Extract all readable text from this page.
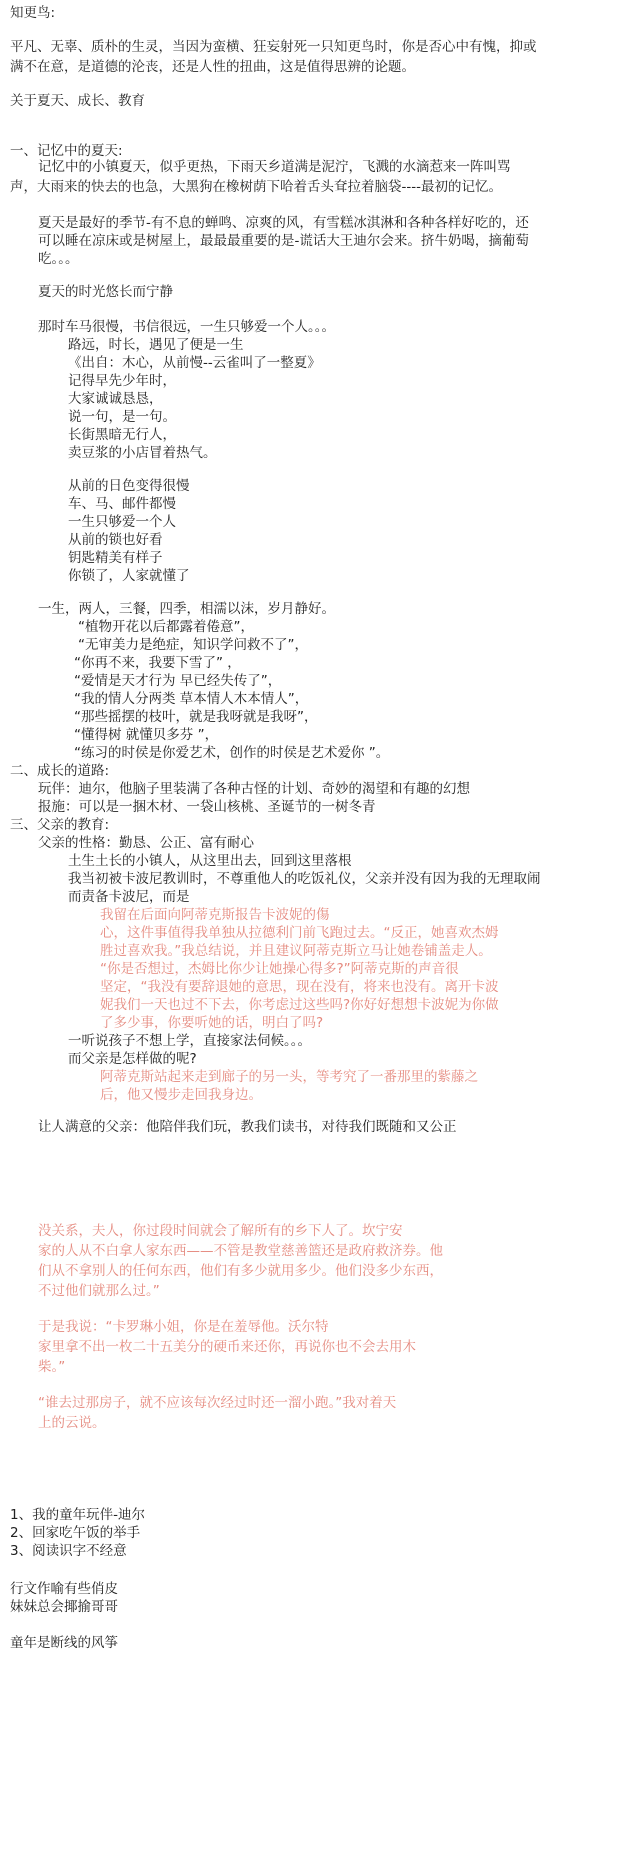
知更鸟:
平凡、无辜、质朴的生灵，当因为蛮横、狂妄射死一只知更鸟时，你是否心中有愧，抑或
满不在意，是道德的沦丧，还是人性的扭曲，这是值得思辨的论题。
关于夏天、成长、教育
一、记忆中的夏天:
记忆中的小镇夏天，似乎更热，下雨天乡道满是泥泞，飞溅的水滴惹来一阵叫骂
声，大雨来的快去的也急，大黑狗在橡树荫下哈着舌头耷拉着脑袋----最初的记忆。
夏天是最好的季节-有不息的蝉鸣、凉爽的风，有雪糕冰淇淋和各种各样好吃的，还
可以睡在凉床或是树屋上，最最最重要的是-谎话大王迪尔会来。挤牛奶喝，摘葡萄
吃。。。
夏天的时光悠长而宁静
那时车马很慢，书信很远，一生只够爱一个人。。。
路远，时长，遇见了便是一生
《出自：木心，从前慢--云雀叫了一整夏》
记得早先少年时，
大家诚诚恳恳，
说一句，是一句。
长街黑暗无行人，
卖豆浆的小店冒着热气。
从前的日色变得很慢
车、马、邮件都慢
一生只够爱一个人
从前的锁也好看
钥匙精美有样子
你锁了，人家就懂了
一生，两人，三餐，四季，相濡以沫，岁月静好。
“植物开花以后都露着倦意”，
“无审美力是绝症，知识学问救不了”，
“你再不来，我要下雪了” ，
“爱情是天才行为 早已经失传了”，
“我的情人分两类 草本情人木本情人”，
“那些摇摆的枝叶，就是我呀就是我呀”，
“懂得树 就懂贝多芬 ”，
“练习的时侯是你爱艺术，创作的时侯是艺术爱你 ”。
二、成长的道路:
玩伴：迪尔，他脑子里装满了各种古怪的计划、奇妙的渴望和有趣的幻想
报施：可以是一捆木材、一袋山核桃、圣诞节的一树冬青
三、父亲的教育:
父亲的性格：勤恳、公正、富有耐心
土生土长的小镇人，从这里出去，回到这里落根
我当初被卡波尼教训时，不尊重他人的吃饭礼仪，父亲并没有因为我的无理取闹
而责备卡波尼，而是
我留在后面向阿蒂克斯报告卡波妮的傷
心，这件事值得我单独从拉德利门前飞跑过去。“反正，她喜欢杰姆
胜过喜欢我。”我总结说，并且建议阿蒂克斯立马让她卷铺盖走人。
“你是否想过，杰姆比你少让她操心得多?”阿蒂克斯的声音很
坚定，“我没有要辞退她的意思，现在没有，将来也没有。离开卡波
妮我们一天也过不下去，你考虑过这些吗?你好好想想卡波妮为你做
了多少事，你要听她的话，明白了吗?
一听说孩子不想上学，直接家法伺候。。。
而父亲是怎样做的呢?
阿蒂克斯站起来走到廊子的另一头，等考究了一番那里的紫藤之
后，他又慢步走回我身边。
让人满意的父亲：他陪伴我们玩，教我们读书，对待我们既随和又公正
没关系，夫人，你过段时间就会了解所有的乡下人了。坎宁安
家的人从不白拿人家东西——不管是教堂慈善篮还是政府救济券。他
们从不拿别人的任何东西，他们有多少就用多少。他们没多少东西，
不过他们就那么过。”
于是我说：“卡罗琳小姐，你是在羞辱他。沃尔特
家里拿不出一枚二十五美分的硬币来还你，再说你也不会去用木
柴。”
“谁去过那房子，就不应该每次经过时还一溜小跑。”我对着天
上的云说。
1、我的童年玩伴-迪尔
2、回家吃午饭的举手
3、阅读识字不经意
行文作喻有些俏皮
妹妹总会揶揄哥哥
童年是断线的风筝
